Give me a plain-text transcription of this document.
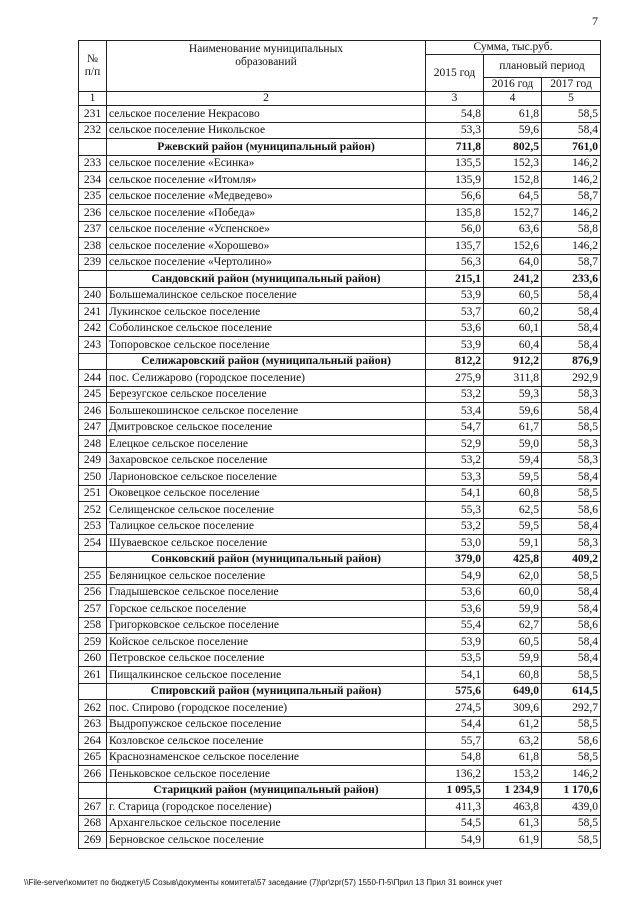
7
№ п/п	Наименование муниципальных образований	Сумма, тыс.руб.		
		2015 год	плановый период	
			2016 год	2017 год
1	2	3	4	5
231	сельское поселение Некрасово	54,8	61,8	58,5
232	сельское поселение Никольское	53,3	59,6	58,4
	Ржевский район (муниципальный район)	711,8	802,5	761,0
233	сельское поселение «Есинка»	135,5	152,3	146,2
234	сельское поселение «Итомля»	135,9	152,8	146,2
235	сельское поселение «Медведево»	56,6	64,5	58,7
236	сельское поселение «Победа»	135,8	152,7	146,2
237	сельское поселение «Успенское»	56,0	63,6	58,8
238	сельское поселение «Хорошево»	135,7	152,6	146,2
239	сельское поселение «Чертолино»	56,3	64,0	58,7
	Сандовский район (муниципальный район)	215,1	241,2	233,6
240	Большемалинское сельское поселение	53,9	60,5	58,4
241	Лукинское сельское поселение	53,7	60,2	58,4
242	Соболинское сельское поселение	53,6	60,1	58,4
243	Топоровское сельское поселение	53,9	60,4	58,4
	Селижаровский район (муниципальный район)	812,2	912,2	876,9
244	пос. Селижарово (городское поселение)	275,9	311,8	292,9
245	Березугское сельское поселение	53,2	59,3	58,3
246	Большекошинское сельское поселение	53,4	59,6	58,4
247	Дмитровское сельское поселение	54,7	61,7	58,5
248	Елецкое сельское поселение	52,9	59,0	58,3
249	Захаровское сельское поселение	53,2	59,4	58,3
250	Ларионовское сельское поселение	53,3	59,5	58,4
251	Оковецкое сельское поселение	54,1	60,8	58,5
252	Селищенское сельское поселение	55,3	62,5	58,6
253	Талицкое сельское поселение	53,2	59,5	58,4
254	Шуваевское сельское поселение	53,0	59,1	58,3
	Сонковский район (муниципальный район)	379,0	425,8	409,2
255	Беляницкое сельское поселение	54,9	62,0	58,5
256	Гладышевское сельское поселение	53,6	60,0	58,4
257	Горское сельское поселение	53,6	59,9	58,4
258	Григорковское сельское поселение	55,4	62,7	58,6
259	Койское сельское поселение	53,9	60,5	58,4
260	Петровское сельское поселение	53,5	59,9	58,4
261	Пищалкинское сельское поселение	54,1	60,8	58,5
	Спировский район (муниципальный район)	575,6	649,0	614,5
262	пос. Спирово (городское поселение)	274,5	309,6	292,7
263	Выдропужское сельское поселение	54,4	61,2	58,5
264	Козловское сельское поселение	55,7	63,2	58,6
265	Краснознаменское сельское поселение	54,8	61,8	58,5
266	Пеньковское сельское поселение	136,2	153,2	146,2
	Старицкий район (муниципальный район)	1 095,5	1 234,9	1 170,6
267	г. Старица (городское поселение)	411,3	463,8	439,0
268	Архангельское сельское поселение	54,5	61,3	58,5
269	Берновское сельское поселение	54,9	61,9	58,5
\\File-server\комитет по бюджету\5 Созыв\документы комитета\57 заседание (7)\pr\zpr(57) 1550-П-5\Прил 13 Прил 31 воинск учет
